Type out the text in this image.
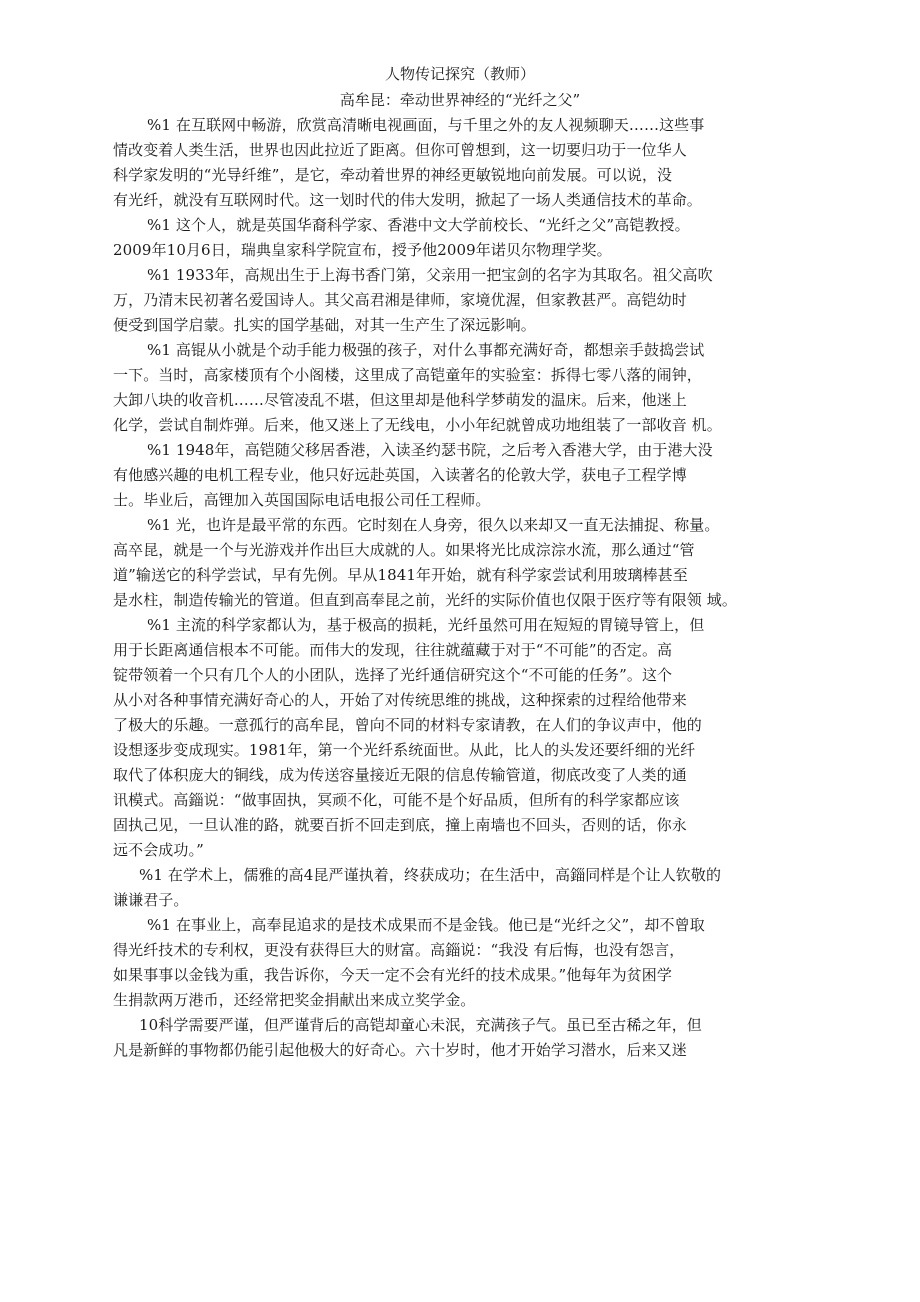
人物传记探究（教师）
高牟昆：牵动世界神经的“光纤之父”
%1 在互联网中畅游，欣赏高清晰电视画面，与千里之外的友人视频聊天……这些事
情改变着人类生活，世界也因此拉近了距离。但你可曾想到，这一切要归功于一位华人
科学家发明的“光导纤维”，是它，牵动着世界的神经更敏锐地向前发展。可以说，没
有光纤，就没有互联网时代。这一划时代的伟大发明，掀起了一场人类通信技术的革命。
%1 这个人，就是英国华裔科学家、香港中文大学前校长、“光纤之父”高铠教授。
2009年10月6日，瑞典皇家科学院宣布，授予他2009年诺贝尔物理学奖。
%1 1933年，高规出生于上海书香门第，父亲用一把宝剑的名字为其取名。祖父高吹
万，乃清末民初著名爱国诗人。其父高君湘是律师，家境优渥，但家教甚严。高铠幼时
便受到国学启蒙。扎实的国学基础，对其一生产生了深远影响。
%1 高锟从小就是个动手能力极强的孩子，对什么事都充满好奇，都想亲手鼓捣尝试
一下。当时，高家楼顶有个小阁楼，这里成了高铠童年的实验室：拆得七零八落的闹钟，
大卸八块的收音机……尽管凌乱不堪，但这里却是他科学梦萌发的温床。后来，他迷上
化学，尝试自制炸弹。后来，他又迷上了无线电，小小年纪就曾成功地组装了一部收音 机。
%1 1948年，高铠随父移居香港，入读圣约瑟书院，之后考入香港大学，由于港大没
有他感兴趣的电机工程专业，他只好远赴英国，入读著名的伦敦大学，获电子工程学博
士。毕业后，高锂加入英国国际电话电报公司任工程师。
%1 光，也许是最平常的东西。它时刻在人身旁，很久以来却又一直无法捕捉、称量。
高卒昆，就是一个与光游戏并作出巨大成就的人。如果将光比成淙淙水流，那么通过“管
道”输送它的科学尝试，早有先例。早从1841年开始，就有科学家尝试利用玻璃棒甚至
是水柱，制造传输光的管道。但直到高奉昆之前，光纤的实际价值也仅限于医疗等有限领 域。
%1 主流的科学家都认为，基于极高的损耗，光纤虽然可用在短短的胃镜导管上，但
用于长距离通信根本不可能。而伟大的发现，往往就蕴藏于对于“不可能”的否定。高
锭带领着一个只有几个人的小团队，选择了光纤通信研究这个“不可能的任务”。这个
从小对各种事情充满好奇心的人，开始了对传统思维的挑战，这种探索的过程给他带来
了极大的乐趣。一意孤行的高牟昆，曾向不同的材料专家请教，在人们的争议声中，他的
设想逐步变成现实。1981年，第一个光纤系统面世。从此，比人的头发还要纤细的光纤
取代了体积庞大的铜线，成为传送容量接近无限的信息传输管道，彻底改变了人类的通
讯模式。高錙说：“做事固执，冥顽不化，可能不是个好品质，但所有的科学家都应该
固执己见，一旦认准的路，就要百折不回走到底，撞上南墙也不回头，否则的话，你永
远不会成功。”
%1 在学术上，儒雅的高4昆严谨执着，终获成功；在生活中，高錙同样是个让人钦敬的
谦谦君子。
%1 在事业上，高奉昆追求的是技术成果而不是金钱。他已是“光纤之父”，却不曾取
得光纤技术的专利权，更没有获得巨大的财富。高錙说：“我没 有后悔，也没有怨言，
如果事事以金钱为重，我告诉你，今天一定不会有光纤的技术成果。”他每年为贫困学
生捐款两万港币，还经常把奖金捐献出来成立奖学金。
10科学需要严谨，但严谨背后的高铠却童心未泯，充满孩子气。虽已至古稀之年，但
凡是新鲜的事物都仍能引起他极大的好奇心。六十岁时，他才开始学习潜水，后来又迷
